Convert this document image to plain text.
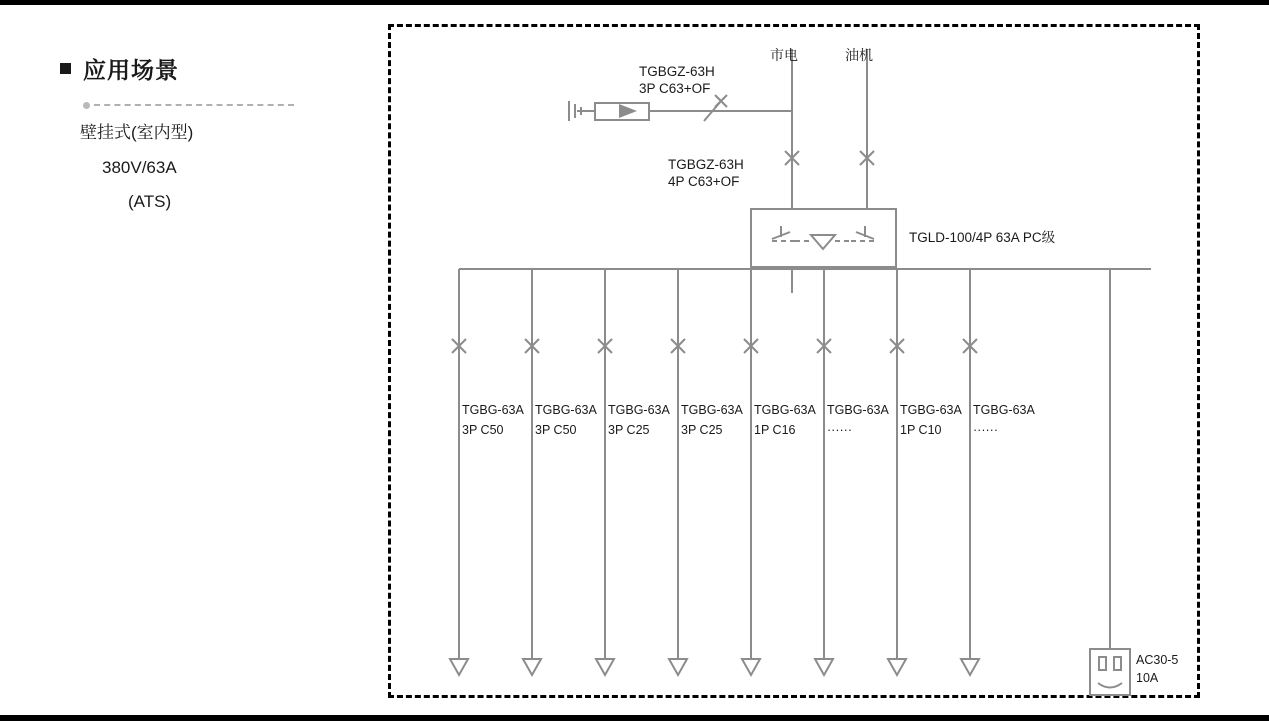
应用场景
壁挂式(室内型)
380V/63A
(ATS)
市电	油机
TGBGZ-63H
3P C63+OF
TGBGZ-63H
4P C63+OF
TGLD-100/4P 63A PC级
TGBG-63A
3P C50
TGBG-63A
3P C50
TGBG-63A
3P C25
TGBG-63A
3P C25
TGBG-63A
1P C16
TGBG-63A
······
TGBG-63A
1P C10
TGBG-63A
······
AC30-5
10A
